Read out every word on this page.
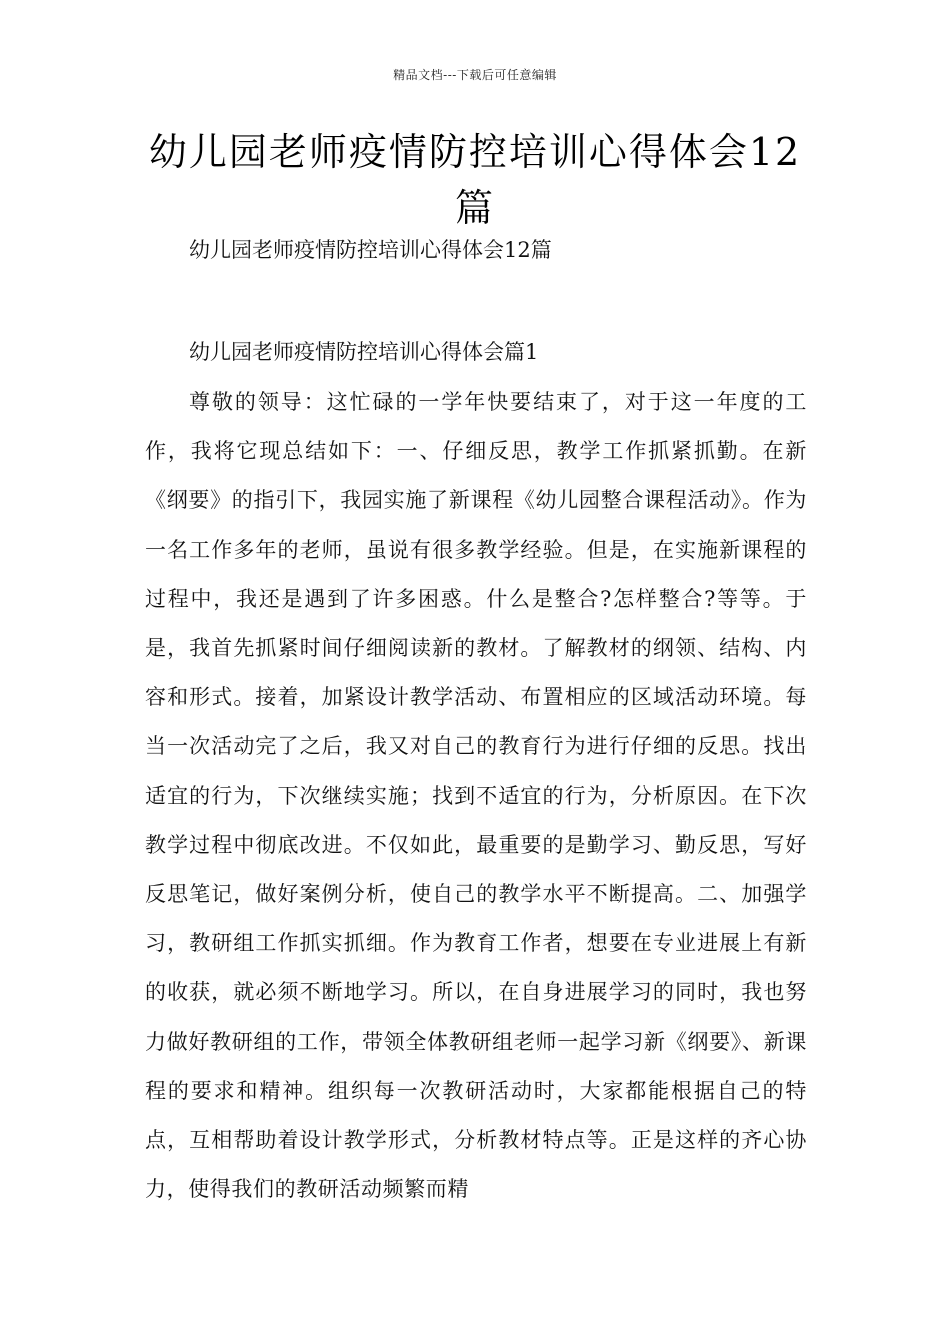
精品文档---下载后可任意编辑
幼儿园老师疫情防控培训心得体会12篇
幼儿园老师疫情防控培训心得体会12篇
幼儿园老师疫情防控培训心得体会篇1

尊敬的领导：这忙碌的一学年快要结束了，对于这一年度的工作，我将它现总结如下：一、仔细反思，教学工作抓紧抓勤。在新《纲要》的指引下，我园实施了新课程《幼儿园整合课程活动》。作为一名工作多年的老师，虽说有很多教学经验。但是，在实施新课程的过程中，我还是遇到了许多困惑。什么是整合?怎样整合?等等。于是，我首先抓紧时间仔细阅读新的教材。了解教材的纲领、结构、内容和形式。接着，加紧设计教学活动、布置相应的区域活动环境。每当一次活动完了之后，我又对自己的教育行为进行仔细的反思。找出适宜的行为，下次继续实施；找到不适宜的行为，分析原因。在下次教学过程中彻底改进。不仅如此，最重要的是勤学习、勤反思，写好反思笔记，做好案例分析，使自己的教学水平不断提高。二、加强学习，教研组工作抓实抓细。作为教育工作者，想要在专业进展上有新的收获，就必须不断地学习。所以，在自身进展学习的同时，我也努力做好教研组的工作，带领全体教研组老师一起学习新《纲要》、新课程的要求和精神。组织每一次教研活动时，大家都能根据自己的特点，互相帮助着设计教学形式，分析教材特点等。正是这样的齐心协力，使得我们的教研活动频繁而精
